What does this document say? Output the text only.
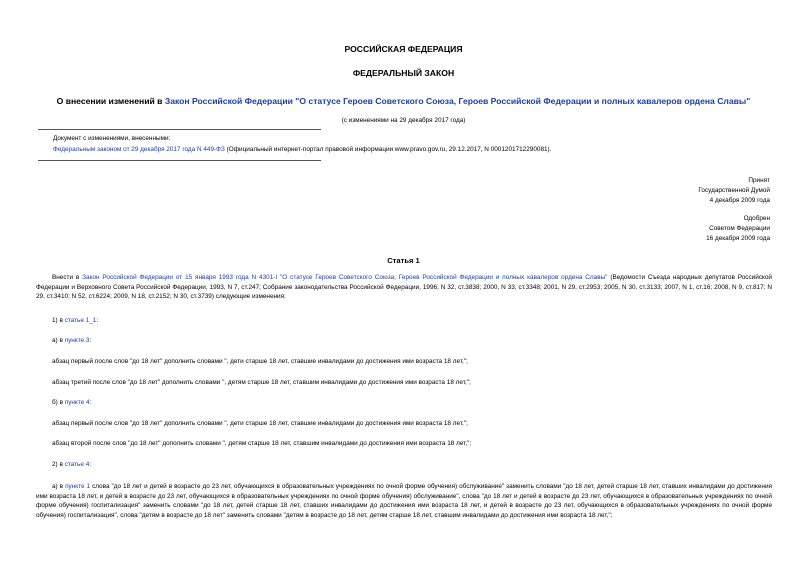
РОССИЙСКАЯ ФЕДЕРАЦИЯ
ФЕДЕРАЛЬНЫЙ ЗАКОН
О внесении изменений в Закон Российской Федерации "О статусе Героев Советского Союза, Героев Российской Федерации и полных кавалеров ордена Славы"
(с изменениями на 29 декабря 2017 года)
Документ с изменениями, внесенными:
Федеральным законом от 29 декабря 2017 года N 449-ФЗ (Официальный интернет-портал правовой информации www.pravo.gov.ru, 29.12.2017, N 0001201712290081).
Принят
Государственной Думой
4 декабря 2009 года
Одобрен
Советом Федерации
16 декабря 2009 года
Статья 1
Внести в Закон Российской Федерации от 15 января 1993 года N 4301-I "О статусе Героев Советского Союза, Героев Российской Федерации и полных кавалеров ордена Славы" (Ведомости Съезда народных депутатов Российской Федерации и Верховного Совета Российской Федерации, 1993, N 7, ст.247; Собрание законодательства Российской Федерации, 1996, N 32, ст.3838; 2000, N 33, ст.3348; 2001, N 29, ст.2953; 2005, N 30, ст.3133; 2007, N 1, ст.16; 2008, N 9, ст.817; N 29, ст.3410; N 52, ст.6224; 2009, N 18, ст.2152; N 30, ст.3739) следующие изменения:
1) в статье 1_1:
а) в пункте 3:
абзац первый после слов "до 18 лет" дополнить словами ", дети старше 18 лет, ставшие инвалидами до достижения ими возраста 18 лет,";
абзац третий после слов "до 18 лет" дополнить словами ", детям старше 18 лет, ставшим инвалидами до достижения ими возраста 18 лет,";
б) в пункте 4:
абзац первый после слов "до 18 лет" дополнить словами ", дети старше 18 лет, ставшие инвалидами до достижения ими возраста 18 лет,";
абзац второй после слов "до 18 лет" дополнить словами ", детям старше 18 лет, ставшим инвалидами до достижения ими возраста 18 лет,";
2) в статье 4:
а) в пункте 1 слова "до 18 лет и детей в возрасте до 23 лет, обучающихся в образовательных учреждениях по очной форме обучения) обслуживание" заменить словами "до 18 лет, детей старше 18 лет, ставших инвалидами до достижения ими возраста 18 лет, и детей в возрасте до 23 лет, обучающихся в образовательных учреждениях по очной форме обучения) обслуживание", слова "до 18 лет и детей в возрасте до 23 лет, обучающихся в образовательных учреждениях по очной форме обучения) госпитализация" заменить словами "до 18 лет, детей старше 18 лет, ставших инвалидами до достижения ими возраста 18 лет, и детей в возрасте до 23 лет, обучающихся в образовательных учреждениях по очной форме обучения) госпитализация", слова "детям в возрасте до 18 лет" заменить словами "детям в возрасте до 18 лет, детям старше 18 лет, ставшим инвалидами до достижения ими возраста 18 лет,";
